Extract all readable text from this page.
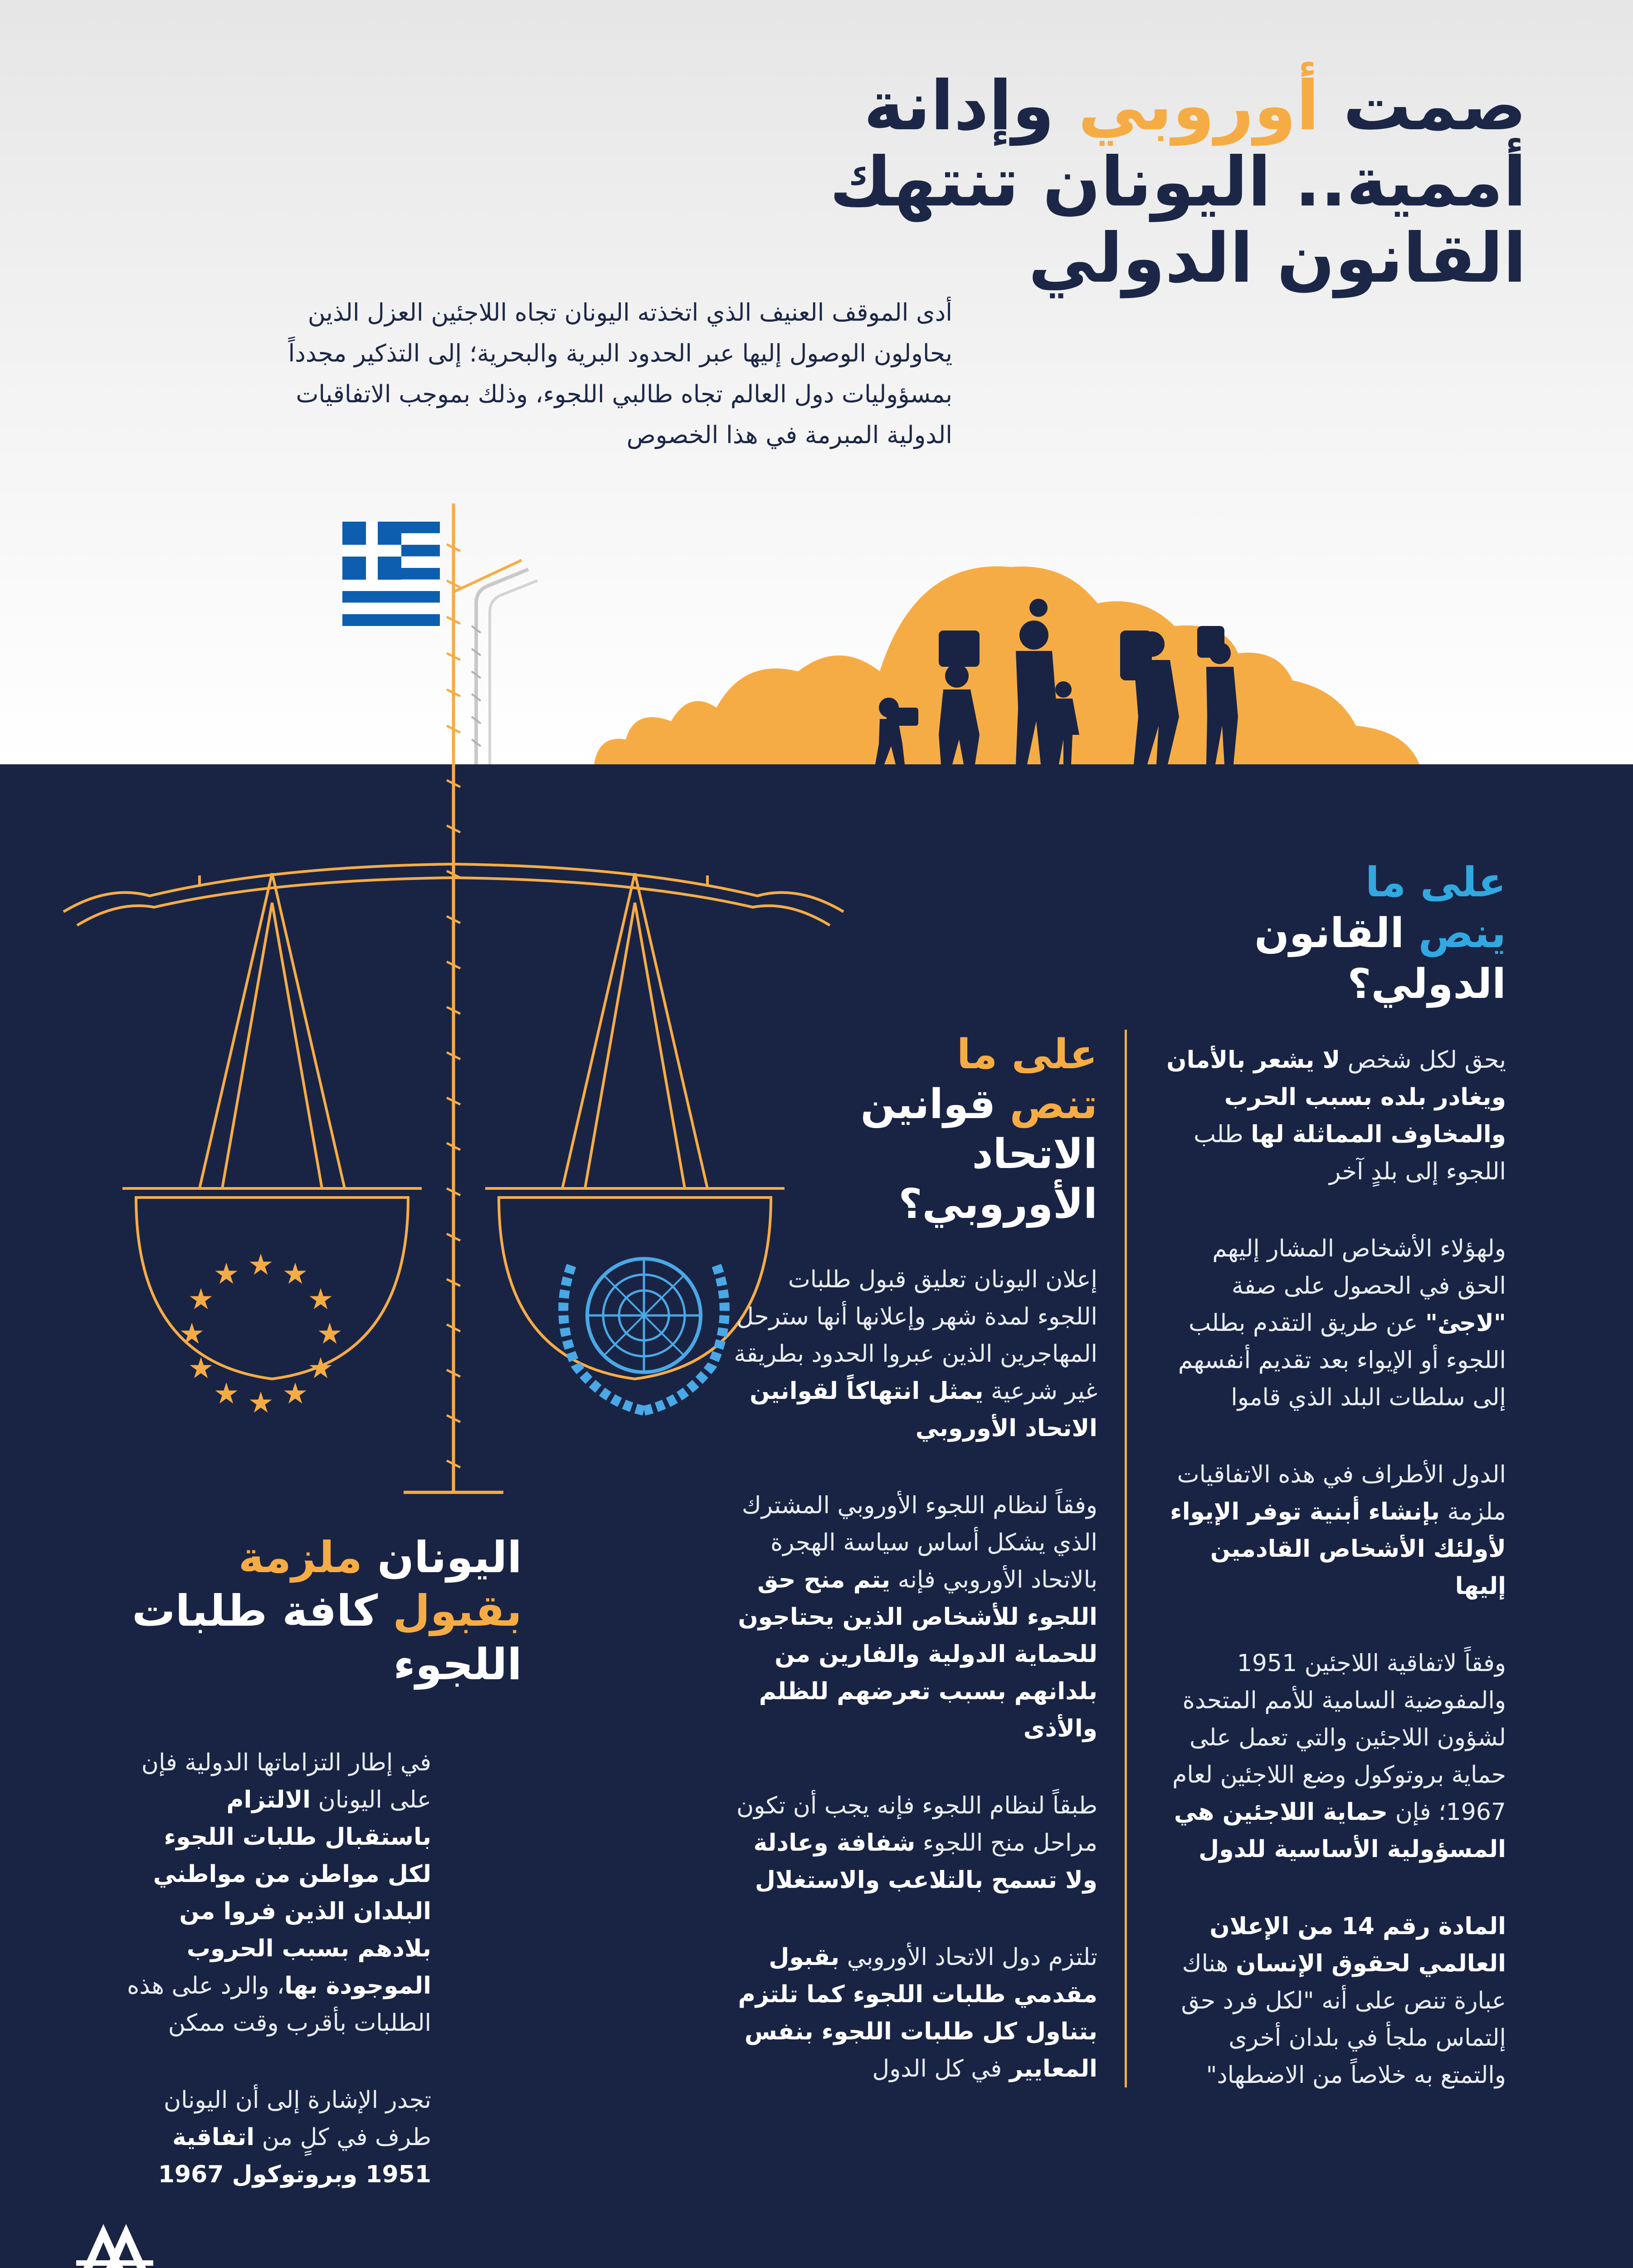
صمت أوروبي وإدانة
أممية.. اليونان تنتهك
القانون الدولي

أدى الموقف العنيف الذي اتخذته اليونان تجاه اللاجئين العزل الذين يحاولون الوصول إليها عبر الحدود البرية والبحرية؛ إلى التذكير مجدداً بمسؤوليات دول العالم تجاه طالبي اللجوء، وذلك بموجب الاتفاقيات الدولية المبرمة في هذا الخصوص

★ ★
★
★
★
★
★
★
★
★
★
★
على ما
ينص القانون
الدولي؟

يحق لكل شخص لا يشعر بالأمان ويغادر بلده بسبب الحرب والمخاوف المماثلة لها طلب اللجوء إلى بلدٍ آخر

ولهؤلاء الأشخاص المشار إليهم الحق في الحصول على صفة "لاجئ" عن طريق التقدم بطلب اللجوء أو الإيواء بعد تقديم أنفسهم إلى سلطات البلد الذي قاموا

الدول الأطراف في هذه الاتفاقيات ملزمة بإنشاء أبنية توفر الإيواء لأولئك الأشخاص القادمين إليها

وفقاً لاتفاقية اللاجئين 1951 والمفوضية السامية للأمم المتحدة لشؤون اللاجئين والتي تعمل على حماية بروتوكول وضع اللاجئين لعام 1967؛ فإن حماية اللاجئين هي المسؤولية الأساسية للدول

المادة رقم 14 من الإعلان العالمي لحقوق الإنسان هناك عبارة تنص على أنه "لكل فرد حق إلتماس ملجأ في بلدان أخرى والتمتع به خلاصاً من الاضطهاد"

على ما
تنص قوانين
الاتحاد
الأوروبي؟

إعلان اليونان تعليق قبول طلبات اللجوء لمدة شهر وإعلانها أنها سترحل المهاجرين الذين عبروا الحدود بطريقة غير شرعية يمثل انتهاكاً لقوانين الاتحاد الأوروبي

وفقاً لنظام اللجوء الأوروبي المشترك الذي يشكل أساس سياسة الهجرة بالاتحاد الأوروبي فإنه يتم منح حق اللجوء للأشخاص الذين يحتاجون للحماية الدولية والفارين من بلدانهم بسبب تعرضهم للظلم والأذى

طبقاً لنظام اللجوء فإنه يجب أن تكون مراحل منح اللجوء شفافة وعادلة ولا تسمح بالتلاعب والاستغلال

تلتزم دول الاتحاد الأوروبي بقبول مقدمي طلبات اللجوء كما تلتزم بتناول كل طلبات اللجوء بنفس المعايير في كل الدول

اليونان ملزمة
بقبول كافة طلبات
اللجوء

في إطار التزاماتها الدولية فإن على اليونان الالتزام باستقبال طلبات اللجوء لكل مواطن من مواطني البلدان الذين فروا من بلادهم بسبب الحروب الموجودة بها، والرد على هذه الطلبات بأقرب وقت ممكن

تجدر الإشارة إلى أن اليونان طرف في كلٍ من اتفاقية 1951 وبروتوكول 1967
